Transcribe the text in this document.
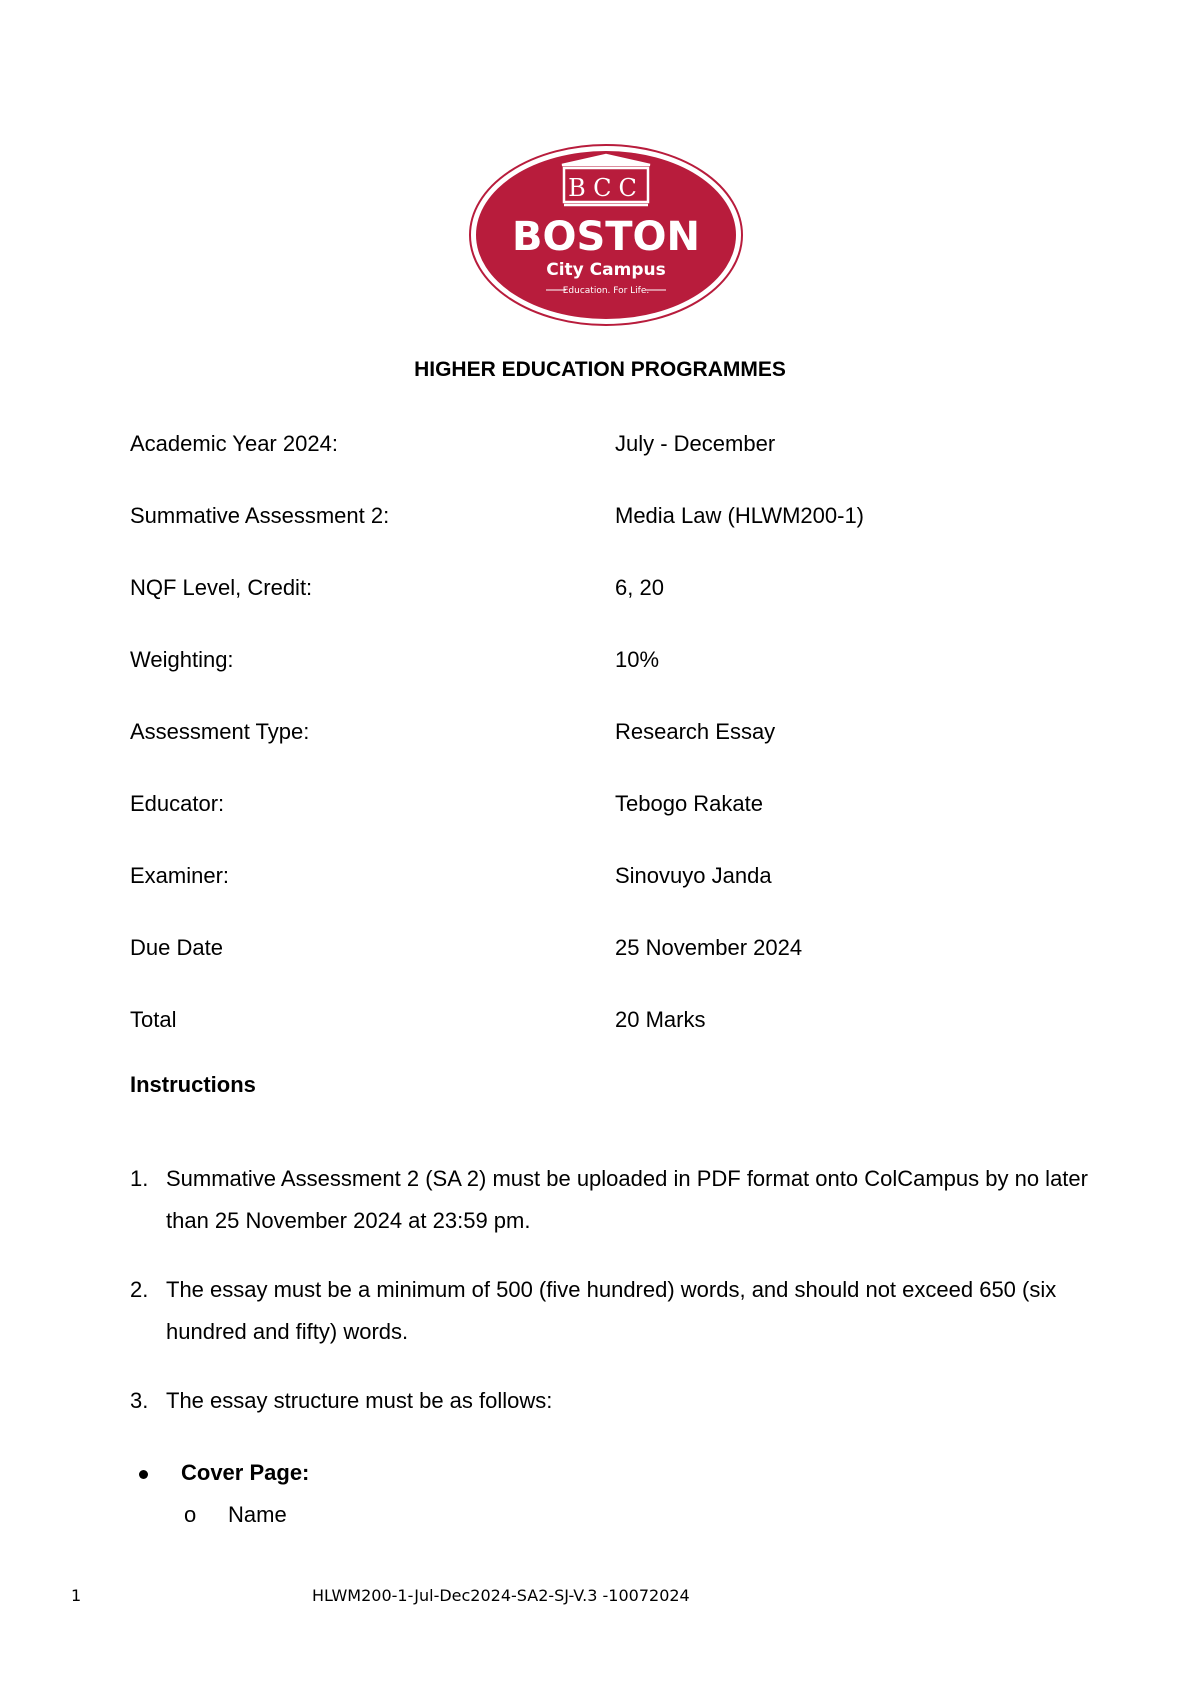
BCC
BOSTON
City Campus
Education. For Life.
HIGHER EDUCATION PROGRAMMES
Academic Year 2024:	July - December
Summative Assessment 2:	Media Law (HLWM200-1)
NQF Level, Credit:	6, 20
Weighting:	10%
Assessment Type:	Research Essay
Educator:	Tebogo Rakate
Examiner:	Sinovuyo Janda
Due Date	25 November 2024
Total	20 Marks
Instructions
1. Summative Assessment 2 (SA 2) must be uploaded in PDF format onto ColCampus by no later than 25 November 2024 at 23:59 pm.
2. The essay must be a minimum of 500 (five hundred) words, and should not exceed 650 (six hundred and fifty) words.
3. The essay structure must be as follows:
Cover Page:
o Name
1	HLWM200-1-Jul-Dec2024-SA2-SJ-V.3 -10072024
